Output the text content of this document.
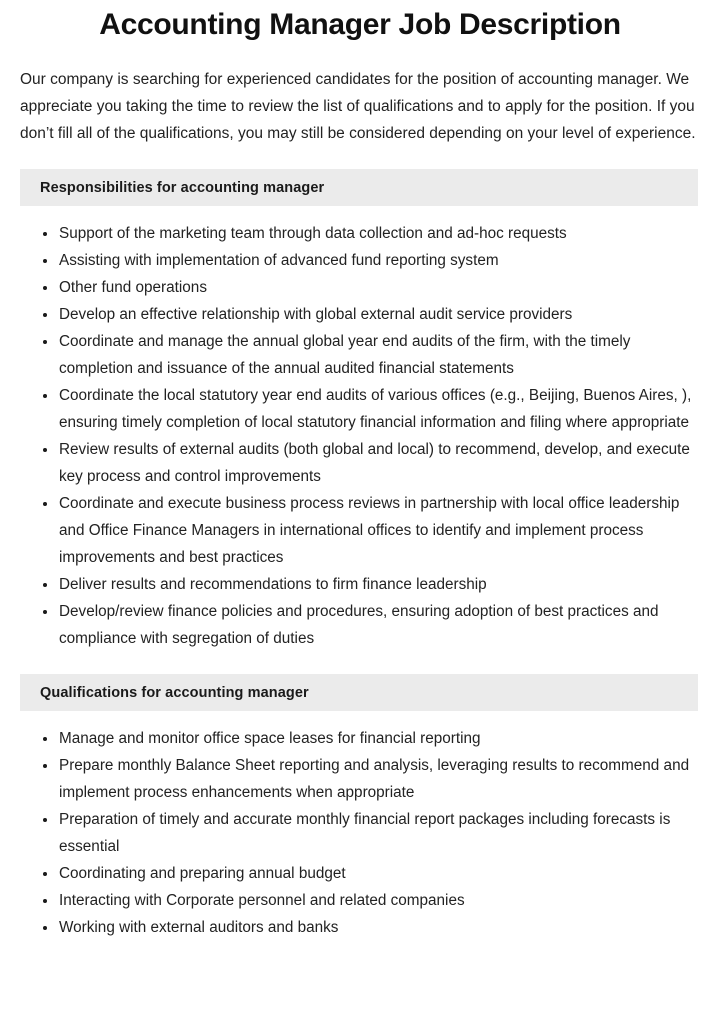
Accounting Manager Job Description

Our company is searching for experienced candidates for the position of accounting manager. We appreciate you taking the time to review the list of qualifications and to apply for the position. If you don’t fill all of the qualifications, you may still be considered depending on your level of experience.

Responsibilities for accounting manager
Support of the marketing team through data collection and ad-hoc requests
Assisting with implementation of advanced fund reporting system
Other fund operations
Develop an effective relationship with global external audit service providers
Coordinate and manage the annual global year end audits of the firm, with the timely completion and issuance of the annual audited financial statements
Coordinate the local statutory year end audits of various offices (e.g., Beijing, Buenos Aires, ), ensuring timely completion of local statutory financial information and filing where appropriate
Review results of external audits (both global and local) to recommend, develop, and execute key process and control improvements
Coordinate and execute business process reviews in partnership with local office leadership and Office Finance Managers in international offices to identify and implement process improvements and best practices
Deliver results and recommendations to firm finance leadership
Develop/review finance policies and procedures, ensuring adoption of best practices and compliance with segregation of duties
Qualifications for accounting manager
Manage and monitor office space leases for financial reporting
Prepare monthly Balance Sheet reporting and analysis, leveraging results to recommend and implement process enhancements when appropriate
Preparation of timely and accurate monthly financial report packages including forecasts is essential
Coordinating and preparing annual budget
Interacting with Corporate personnel and related companies
Working with external auditors and banks
